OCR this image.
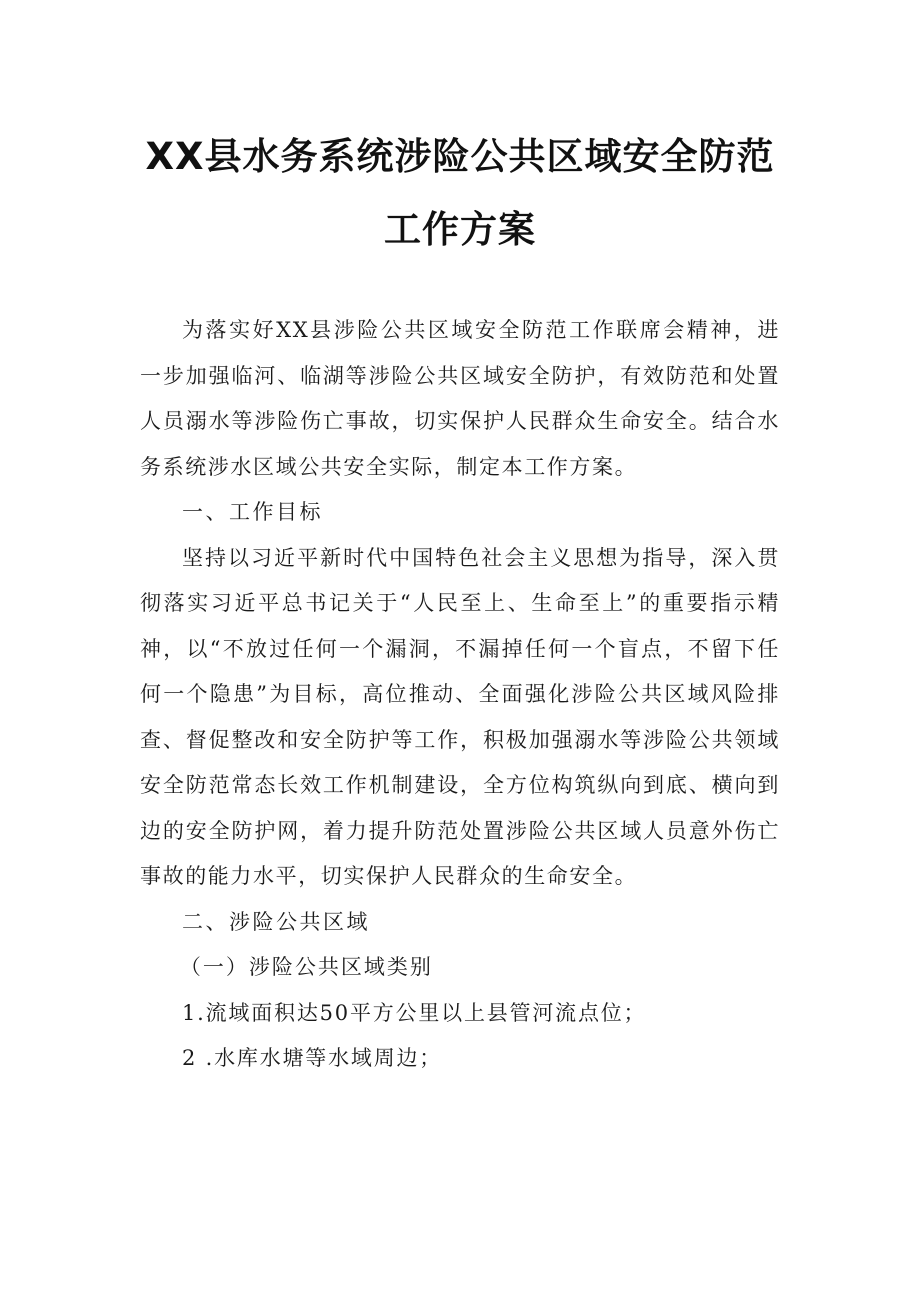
XX县水务系统涉险公共区域安全防范
工作方案

为落实好XX县涉险公共区域安全防范工作联席会精神，进一步加强临河、临湖等涉险公共区域安全防护，有效防范和处置人员溺水等涉险伤亡事故，切实保护人民群众生命安全。结合水务系统涉水区域公共安全实际，制定本工作方案。

一、工作目标

坚持以习近平新时代中国特色社会主义思想为指导，深入贯彻落实习近平总书记关于“人民至上、生命至上”的重要指示精神，以“不放过任何一个漏洞，不漏掉任何一个盲点，不留下任何一个隐患”为目标，高位推动、全面强化涉险公共区域风险排查、督促整改和安全防护等工作，积极加强溺水等涉险公共领域安全防范常态长效工作机制建设，全方位构筑纵向到底、横向到边的安全防护网，着力提升防范处置涉险公共区域人员意外伤亡事故的能力水平，切实保护人民群众的生命安全。

二、涉险公共区域

（一）涉险公共区域类别

1.流域面积达50平方公里以上县管河流点位；

2 .水库水塘等水域周边；
